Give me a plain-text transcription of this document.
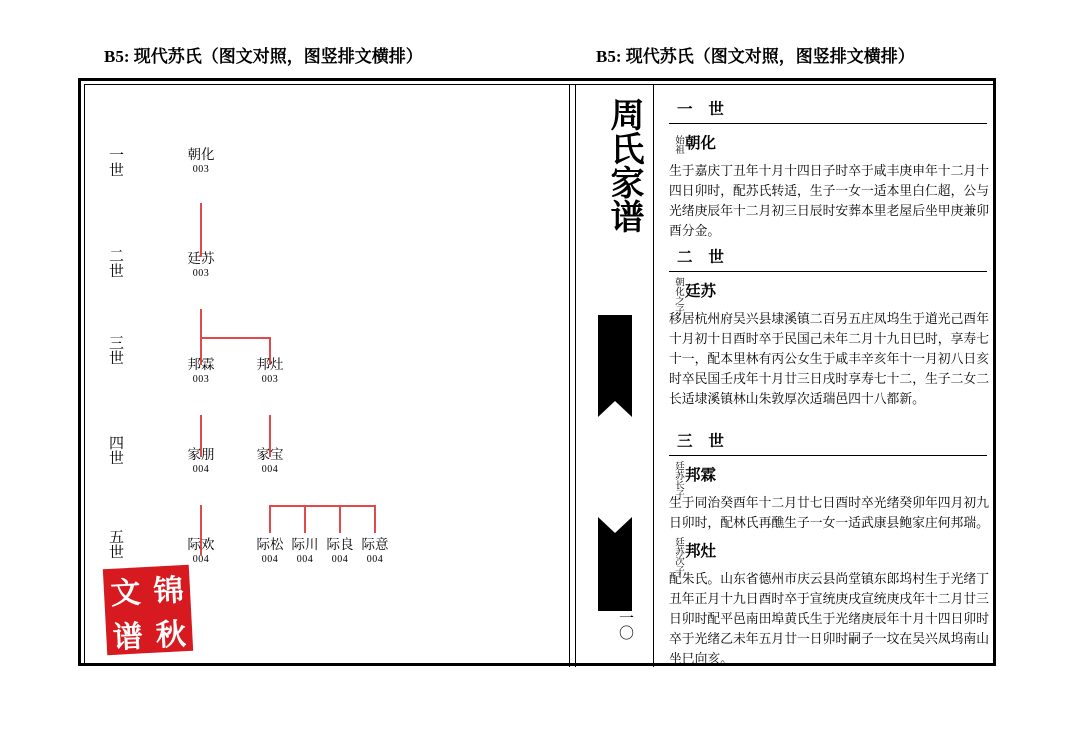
B5: 现代苏氏（图文对照，图竖排文横排）	B5: 现代苏氏（图文对照，图竖排文横排）
一世
二世
三世
四世
五世
朝化
003
廷苏
003
邦霖
003
邦灶
003
家朋
004
家宝
004
际欢
004
际松
004
际川
004
际良
004
际意
004
文 锦
谱 秋
周氏家谱
一〇
一 世
始祖 朝化
生于嘉庆丁丑年十月十四日子时卒于咸丰庚申年十二月十四日卯时，配苏氏转适，生子一女一适本里白仁超，公与光绪庚辰年十二月初三日辰时安葬本里老屋后坐甲庚兼卯酉分金。
二 世
朝化之子 廷苏
移居杭州府吴兴县埭溪镇二百另五庄凤坞生于道光己酉年十月初十日酉时卒于民国己未年二月十九日巳时，享寿七十一，配本里林有丙公女生于咸丰辛亥年十一月初八日亥时卒民国壬戌年十月廿三日戌时享寿七十二，生子二女二长适埭溪镇林山朱敦厚次适瑞邑四十八都新。
三 世
廷苏长子 邦霖
生于同治癸酉年十二月廿七日酉时卒光绪癸卯年四月初九日卯时，配林氏再醮生子一女一适武康县鲍家庄何邦瑞。
廷苏次子 邦灶
配朱氏。山东省德州市庆云县尚堂镇东郎坞村生于光绪丁丑年正月十九日酉时卒于宣统庚戌宣统庚戌年十二月廿三日卯时配平邑南田埠黄氏生于光绪庚辰年十月十四日卯时卒于光绪乙未年五月廿一日卯时嗣子一坟在吴兴凤坞南山坐巳向亥。
